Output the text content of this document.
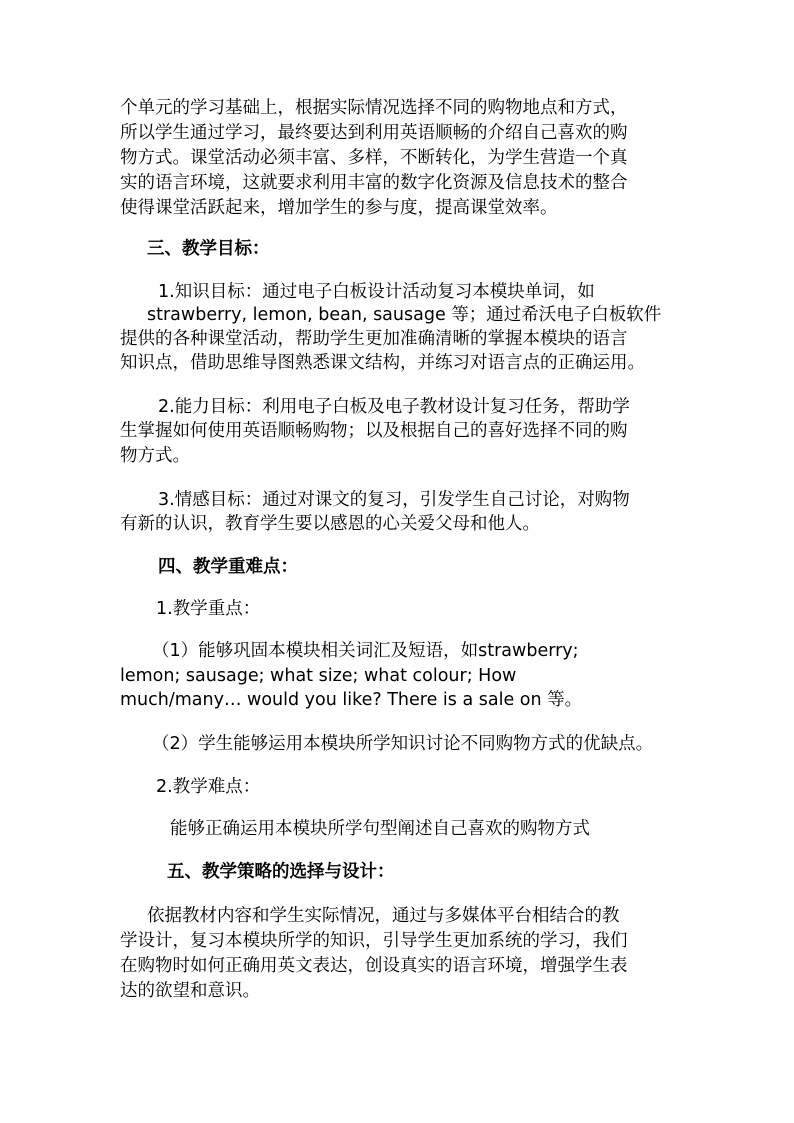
个单元的学习基础上，根据实际情况选择不同的购物地点和方式，
所以学生通过学习，最终要达到利用英语顺畅的介绍自己喜欢的购
物方式。课堂活动必须丰富、多样，不断转化，为学生营造一个真
实的语言环境，这就要求利用丰富的数字化资源及信息技术的整合
使得课堂活跃起来，增加学生的参与度，提高课堂效率。
三、教学目标：
1.知识目标：通过电子白板设计活动复习本模块单词，如
strawberry, lemon, bean, sausage 等；通过希沃电子白板软件
提供的各种课堂活动，帮助学生更加准确清晰的掌握本模块的语言
知识点，借助思维导图熟悉课文结构，并练习对语言点的正确运用。
2.能力目标：利用电子白板及电子教材设计复习任务，帮助学
生掌握如何使用英语顺畅购物；以及根据自己的喜好选择不同的购
物方式。
3.情感目标：通过对课文的复习，引发学生自己讨论，对购物
有新的认识，教育学生要以感恩的心关爱父母和他人。
四、教学重难点：
1.教学重点：
（1）能够巩固本模块相关词汇及短语，如strawberry;
lemon; sausage; what size; what colour; How
much/many… would you like? There is a sale on 等。
（2）学生能够运用本模块所学知识讨论不同购物方式的优缺点。
2.教学难点：
能够正确运用本模块所学句型阐述自己喜欢的购物方式
五、教学策略的选择与设计：
依据教材内容和学生实际情况，通过与多媒体平台相结合的教
学设计，复习本模块所学的知识，引导学生更加系统的学习，我们
在购物时如何正确用英文表达，创设真实的语言环境，增强学生表
达的欲望和意识。
